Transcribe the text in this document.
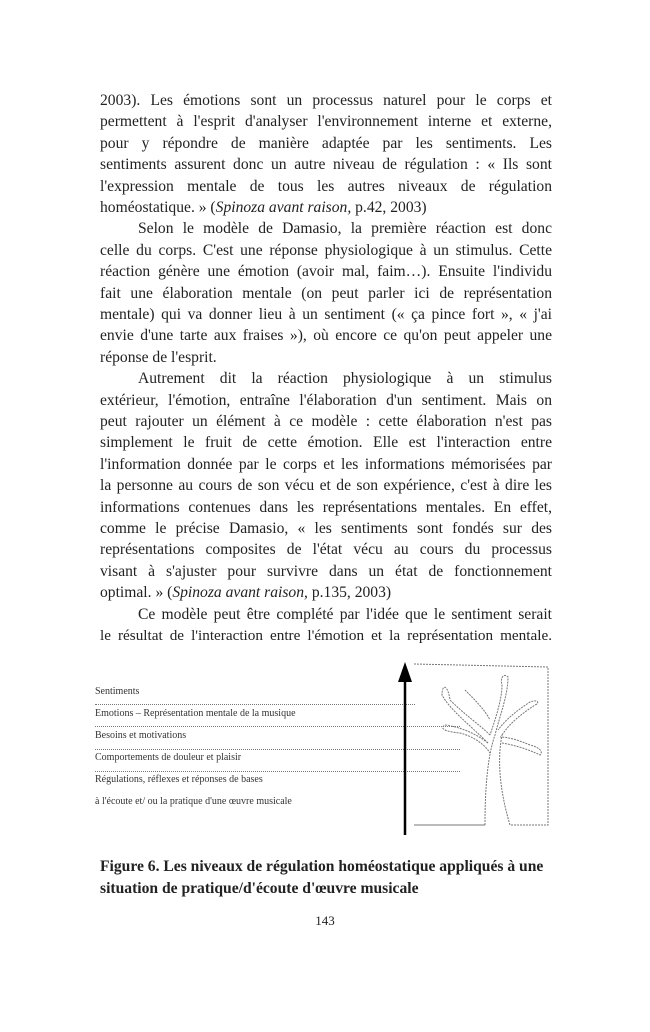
2003). Les émotions sont un processus naturel pour le corps et
permettent à l'esprit d'analyser l'environnement interne et externe,
pour y répondre de manière adaptée par les sentiments. Les
sentiments assurent donc un autre niveau de régulation : « Ils sont
l'expression mentale de tous les autres niveaux de régulation
homéostatique. » (Spinoza avant raison, p.42, 2003)
Selon le modèle de Damasio, la première réaction est donc
celle du corps. C'est une réponse physiologique à un stimulus. Cette
réaction génère une émotion (avoir mal, faim…). Ensuite l'individu
fait une élaboration mentale (on peut parler ici de représentation
mentale) qui va donner lieu à un sentiment (« ça pince fort », « j'ai
envie d'une tarte aux fraises »), où encore ce qu'on peut appeler une
réponse de l'esprit.
Autrement dit la réaction physiologique à un stimulus
extérieur, l'émotion, entraîne l'élaboration d'un sentiment. Mais on
peut rajouter un élément à ce modèle : cette élaboration n'est pas
simplement le fruit de cette émotion. Elle est l'interaction entre
l'information donnée par le corps et les informations mémorisées par
la personne au cours de son vécu et de son expérience, c'est à dire les
informations contenues dans les représentations mentales. En effet,
comme le précise Damasio, « les sentiments sont fondés sur des
représentations composites de l'état vécu au cours du processus
visant à s'ajuster pour survivre dans un état de fonctionnement
optimal. » (Spinoza avant raison, p.135, 2003)
Ce modèle peut être complété par l'idée que le sentiment serait
le résultat de l'interaction entre l'émotion et la représentation mentale.
Sentiments
Emotions – Représentation mentale de la musique
Besoins et motivations
Comportements de douleur et plaisir
Régulations, réflexes et réponses de bases
à l'écoute et/ ou la pratique d'une œuvre musicale
Figure 6. Les niveaux de régulation homéostatique appliqués à une
situation de pratique/d'écoute d'œuvre musicale
143
